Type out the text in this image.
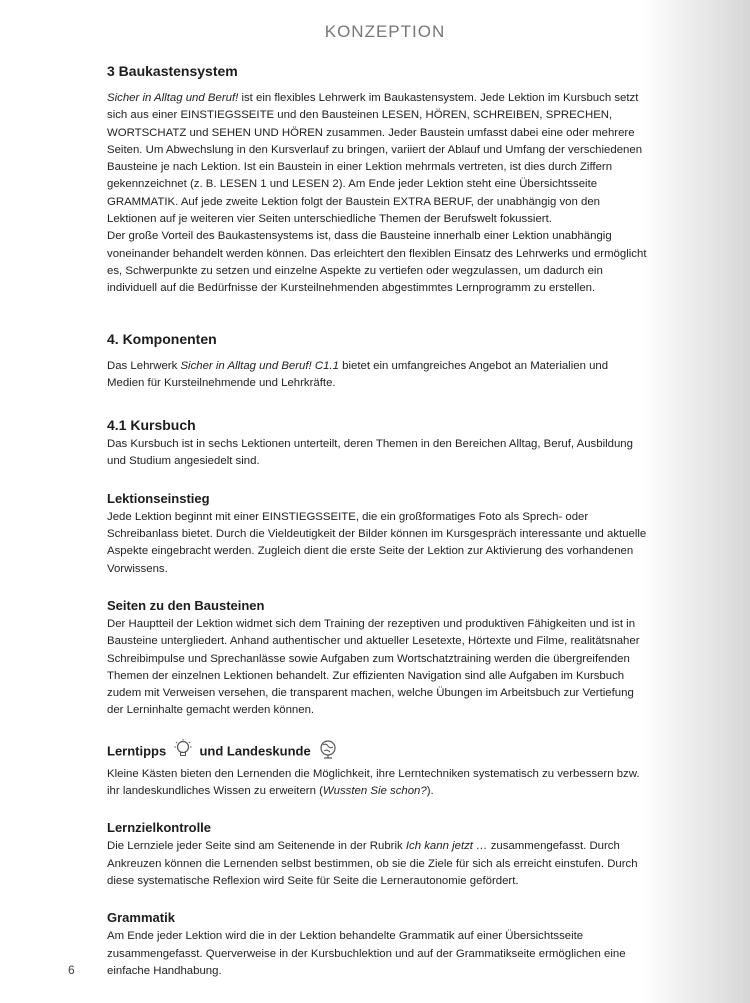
KONZEPTION
3 Baukastensystem

Sicher in Alltag und Beruf! ist ein flexibles Lehrwerk im Baukastensystem. Jede Lektion im Kursbuch setzt sich aus einer EINSTIEGSSEITE und den Bausteinen LESEN, HÖREN, SCHREIBEN, SPRECHEN, WORTSCHATZ und SEHEN UND HÖREN zusammen. Jeder Baustein umfasst dabei eine oder mehrere Seiten. Um Abwechslung in den Kursverlauf zu bringen, variiert der Ablauf und Umfang der verschiedenen Bausteine je nach Lektion. Ist ein Baustein in einer Lektion mehrmals vertreten, ist dies durch Ziffern gekennzeichnet (z. B. LESEN 1 und LESEN 2). Am Ende jeder Lektion steht eine Übersichtsseite GRAMMATIK. Auf jede zweite Lektion folgt der Baustein EXTRA BERUF, der unabhängig von den Lektionen auf je weiteren vier Seiten unterschiedliche Themen der Berufswelt fokussiert.

Der große Vorteil des Baukastensystems ist, dass die Bausteine innerhalb einer Lektion unabhängig voneinander behandelt werden können. Das erleichtert den flexiblen Einsatz des Lehrwerks und ermöglicht es, Schwerpunkte zu setzen und einzelne Aspekte zu vertiefen oder wegzulassen, um dadurch ein individuell auf die Bedürfnisse der Kursteilnehmenden abgestimmtes Lernprogramm zu erstellen.

4. Komponenten

Das Lehrwerk Sicher in Alltag und Beruf! C1.1 bietet ein umfangreiches Angebot an Materialien und Medien für Kursteilnehmende und Lehrkräfte.

4.1 Kursbuch

Das Kursbuch ist in sechs Lektionen unterteilt, deren Themen in den Bereichen Alltag, Beruf, Ausbildung und Studium angesiedelt sind.

Lektionseinstieg

Jede Lektion beginnt mit einer EINSTIEGSSEITE, die ein großformatiges Foto als Sprech- oder Schreibanlass bietet. Durch die Vieldeutigkeit der Bilder können im Kursgespräch interessante und aktuelle Aspekte eingebracht werden. Zugleich dient die erste Seite der Lektion zur Aktivierung des vorhandenen Vorwissens.

Seiten zu den Bausteinen

Der Hauptteil der Lektion widmet sich dem Training der rezeptiven und produktiven Fähigkeiten und ist in Bausteine untergliedert. Anhand authentischer und aktueller Lesetexte, Hörtexte und Filme, realitätsnaher Schreibimpulse und Sprechanlässe sowie Aufgaben zum Wortschatztraining werden die übergreifenden Themen der einzelnen Lektionen behandelt. Zur effizienten Navigation sind alle Aufgaben im Kursbuch zudem mit Verweisen versehen, die transparent machen, welche Übungen im Arbeitsbuch zur Vertiefung der Lerninhalte gemacht werden können.

Lerntipps	und Landeskunde

Kleine Kästen bieten den Lernenden die Möglichkeit, ihre Lerntechniken systematisch zu verbessern bzw. ihr landeskundliches Wissen zu erweitern (Wussten Sie schon?).

Lernzielkontrolle

Die Lernziele jeder Seite sind am Seitenende in der Rubrik Ich kann jetzt … zusammengefasst. Durch Ankreuzen können die Lernenden selbst bestimmen, ob sie die Ziele für sich als erreicht einstufen. Durch diese systematische Reflexion wird Seite für Seite die Lernerautonomie gefördert.

Grammatik

Am Ende jeder Lektion wird die in der Lektion behandelte Grammatik auf einer Übersichtsseite zusammengefasst. Querverweise in der Kursbuchlektion und auf der Grammatikseite ermöglichen eine einfache Handhabung.

6
